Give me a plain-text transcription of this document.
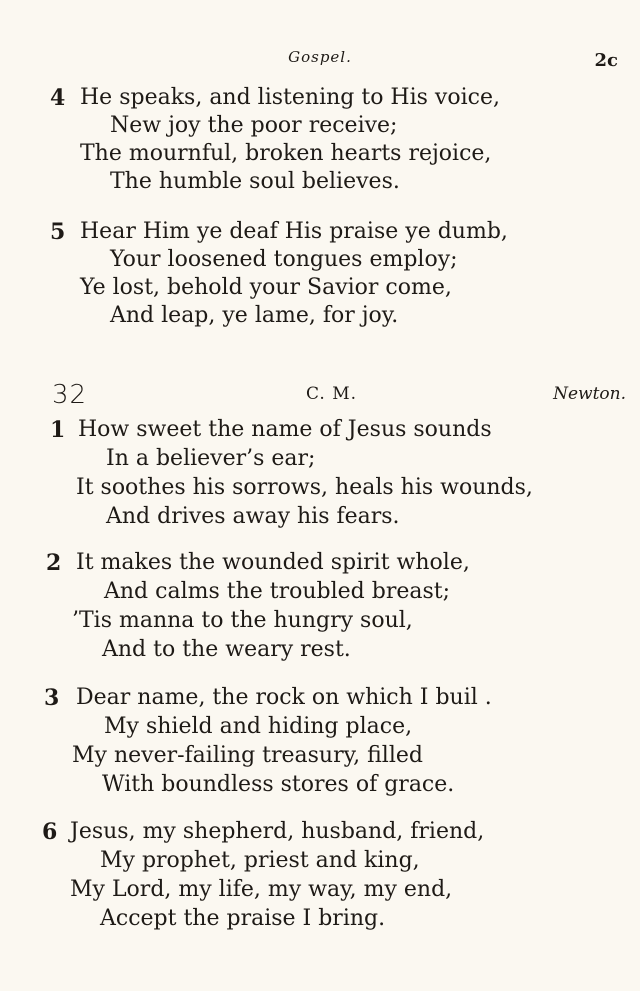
Gospel.	2c
4 He speaks, and listening to His voice,
New joy the poor receive;
The mournful, broken hearts rejoice,
The humble soul believes.
5 Hear Him ye deaf His praise ye dumb,
Your loosened tongues employ;
Ye lost, behold your Savior come,
And leap, ye lame, for joy.
32	C. M.	Newton.
1 How sweet the name of Jesus sounds
In a believer’s ear;
It soothes his sorrows, heals his wounds,
And drives away his fears.
2 It makes the wounded spirit whole,
And calms the troubled breast;
’Tis manna to the hungry soul,
And to the weary rest.
3 Dear name, the rock on which I buil .
My shield and hiding place,
My never-failing treasury, filled
With boundless stores of grace.
6 Jesus, my shepherd, husband, friend,
My prophet, priest and king,
My Lord, my life, my way, my end,
Accept the praise I bring.
